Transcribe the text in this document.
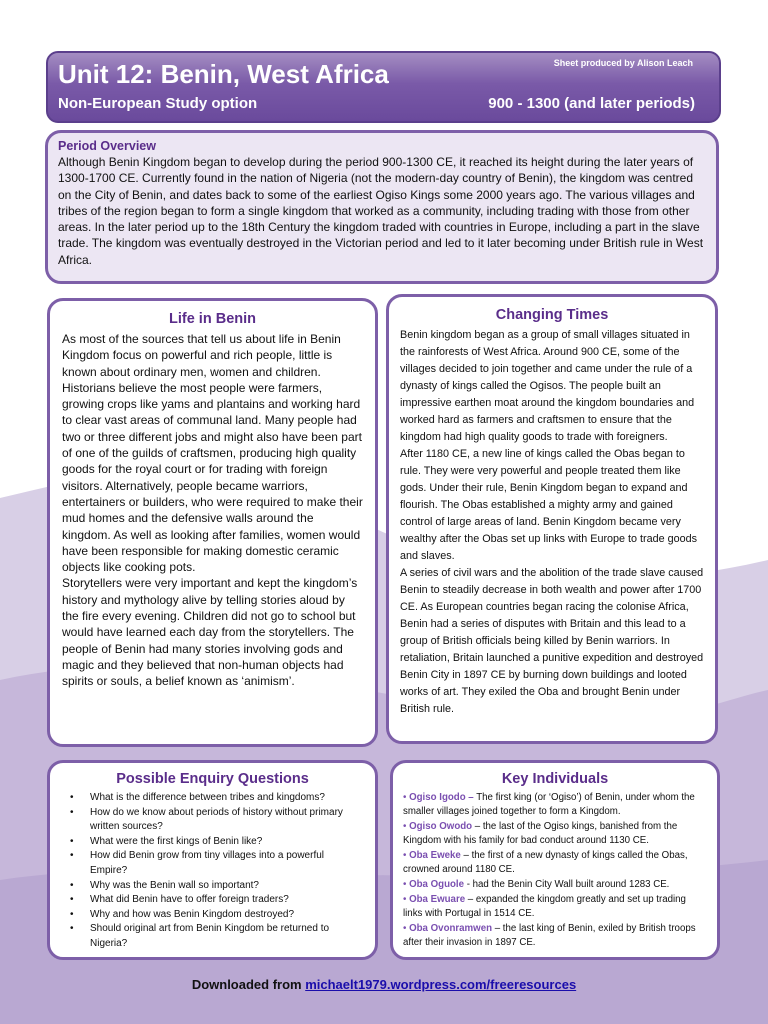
Unit 12: Benin, West Africa	Sheet produced by Alison Leach
Non-European Study option	900 - 1300 (and later periods)
Period Overview
Although Benin Kingdom began to develop during the period 900-1300 CE, it reached its height during the later years of 1300-1700 CE. Currently found in the nation of Nigeria (not the modern-day country of Benin), the kingdom was centred on the City of Benin, and dates back to some of the earliest Ogiso Kings some 2000 years ago. The various villages and tribes of the region began to form a single kingdom that worked as a community, including trading with those from other areas. In the later period up to the 18th Century the kingdom traded with countries in Europe, including a part in the slave trade. The kingdom was eventually destroyed in the Victorian period and led to it later becoming under British rule in West Africa.
Life in Benin
As most of the sources that tell us about life in Benin Kingdom focus on powerful and rich people, little is known about ordinary men, women and children. Historians believe the most people were farmers, growing crops like yams and plantains and working hard to clear vast areas of communal land. Many people had two or three different jobs and might also have been part of one of the guilds of craftsmen, producing high quality goods for the royal court or for trading with foreign visitors. Alternatively, people became warriors, entertainers or builders, who were required to make their mud homes and the defensive walls around the kingdom. As well as looking after families, women would have been responsible for making domestic ceramic objects like cooking pots.
Storytellers were very important and kept the kingdom’s history and mythology alive by telling stories aloud by the fire every evening. Children did not go to school but would have learned each day from the storytellers. The people of Benin had many stories involving gods and magic and they believed that non-human objects had spirits or souls, a belief known as ‘animism’.
Changing Times
Benin kingdom began as a group of small villages situated in the rainforests of West Africa. Around 900 CE, some of the villages decided to join together and came under the rule of a dynasty of kings called the Ogisos. The people built an impressive earthen moat around the kingdom boundaries and worked hard as farmers and craftsmen to ensure that the kingdom had high quality goods to trade with foreigners.
After 1180 CE, a new line of kings called the Obas began to rule. They were very powerful and people treated them like gods. Under their rule, Benin Kingdom began to expand and flourish. The Obas established a mighty army and gained control of large areas of land. Benin Kingdom became very wealthy after the Obas set up links with Europe to trade goods and slaves.
A series of civil wars and the abolition of the trade slave caused Benin to steadily decrease in both wealth and power after 1700 CE. As European countries began racing the colonise Africa, Benin had a series of disputes with Britain and this lead to a group of British officials being killed by Benin warriors. In retaliation, Britain launched a punitive expedition and destroyed Benin City in 1897 CE by burning down buildings and looted works of art. They exiled the Oba and brought Benin under British rule.
Possible Enquiry Questions
• What is the difference between tribes and kingdoms?
• How do we know about periods of history without primary written sources?
• What were the first kings of Benin like?
• How did Benin grow from tiny villages into a powerful Empire?
• Why was the Benin wall so important?
• What did Benin have to offer foreign traders?
• Why and how was Benin Kingdom destroyed?
• Should original art from Benin Kingdom be returned to Nigeria?
Key Individuals
• Ogiso Igodo – The first king (or ‘Ogiso’) of Benin, under whom the smaller villages joined together to form a Kingdom.
• Ogiso Owodo – the last of the Ogiso kings, banished from the Kingdom with his family for bad conduct around 1130 CE.
• Oba Eweke – the first of a new dynasty of kings called the Obas, crowned around 1180 CE.
• Oba Oguole - had the Benin City Wall built around 1283 CE.
• Oba Ewuare – expanded the kingdom greatly and set up trading links with Portugal in 1514 CE.
• Oba Ovonramwen – the last king of Benin, exiled by British troops after their invasion in 1897 CE.
Downloaded from michaelt1979.wordpress.com/freeresources
